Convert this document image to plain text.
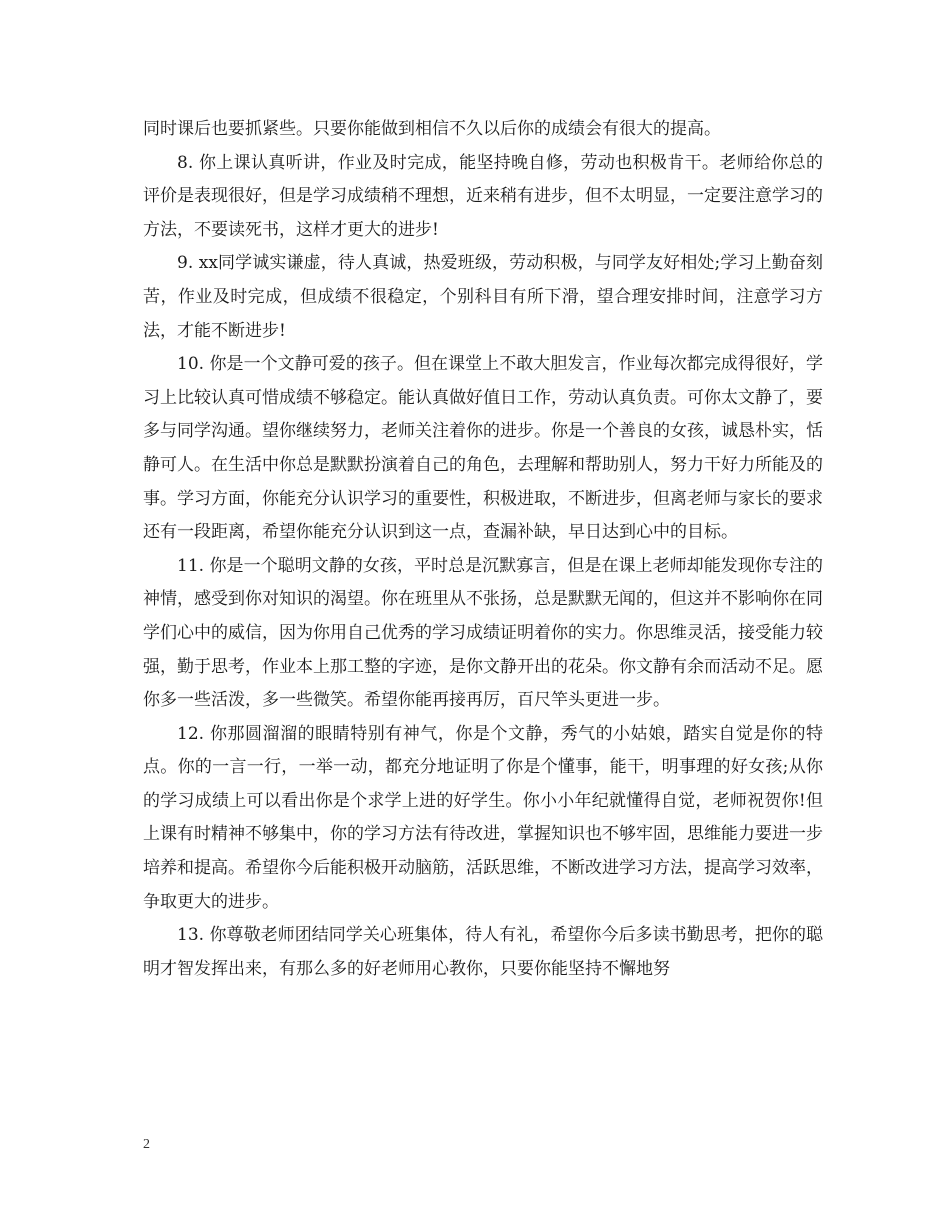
同时课后也要抓紧些。只要你能做到相信不久以后你的成绩会有很大的提高。

8. 你上课认真听讲，作业及时完成，能坚持晚自修，劳动也积极肯干。老师给你总的评价是表现很好，但是学习成绩稍不理想，近来稍有进步，但不太明显，一定要注意学习的方法，不要读死书，这样才更大的进步!

9. xx同学诚实谦虚，待人真诚，热爱班级，劳动积极，与同学友好相处;学习上勤奋刻苦，作业及时完成，但成绩不很稳定，个别科目有所下滑，望合理安排时间，注意学习方法，才能不断进步!

10. 你是一个文静可爱的孩子。但在课堂上不敢大胆发言，作业每次都完成得很好，学习上比较认真可惜成绩不够稳定。能认真做好值日工作，劳动认真负责。可你太文静了，要多与同学沟通。望你继续努力，老师关注着你的进步。你是一个善良的女孩，诚恳朴实，恬静可人。在生活中你总是默默扮演着自己的角色，去理解和帮助别人，努力干好力所能及的事。学习方面，你能充分认识学习的重要性，积极进取，不断进步，但离老师与家长的要求还有一段距离，希望你能充分认识到这一点，查漏补缺，早日达到心中的目标。

11. 你是一个聪明文静的女孩，平时总是沉默寡言，但是在课上老师却能发现你专注的神情，感受到你对知识的渴望。你在班里从不张扬，总是默默无闻的，但这并不影响你在同学们心中的威信，因为你用自己优秀的学习成绩证明着你的实力。你思维灵活，接受能力较强，勤于思考，作业本上那工整的字迹，是你文静开出的花朵。你文静有余而活动不足。愿你多一些活泼，多一些微笑。希望你能再接再厉，百尺竿头更进一步。

12. 你那圆溜溜的眼睛特别有神气，你是个文静，秀气的小姑娘，踏实自觉是你的特点。你的一言一行，一举一动，都充分地证明了你是个懂事，能干，明事理的好女孩;从你的学习成绩上可以看出你是个求学上进的好学生。你小小年纪就懂得自觉，老师祝贺你!但上课有时精神不够集中，你的学习方法有待改进，掌握知识也不够牢固，思维能力要进一步培养和提高。希望你今后能积极开动脑筋，活跃思维，不断改进学习方法，提高学习效率，争取更大的进步。

13. 你尊敬老师团结同学关心班集体，待人有礼，希望你今后多读书勤思考，把你的聪明才智发挥出来，有那么多的好老师用心教你，只要你能坚持不懈地努

2
